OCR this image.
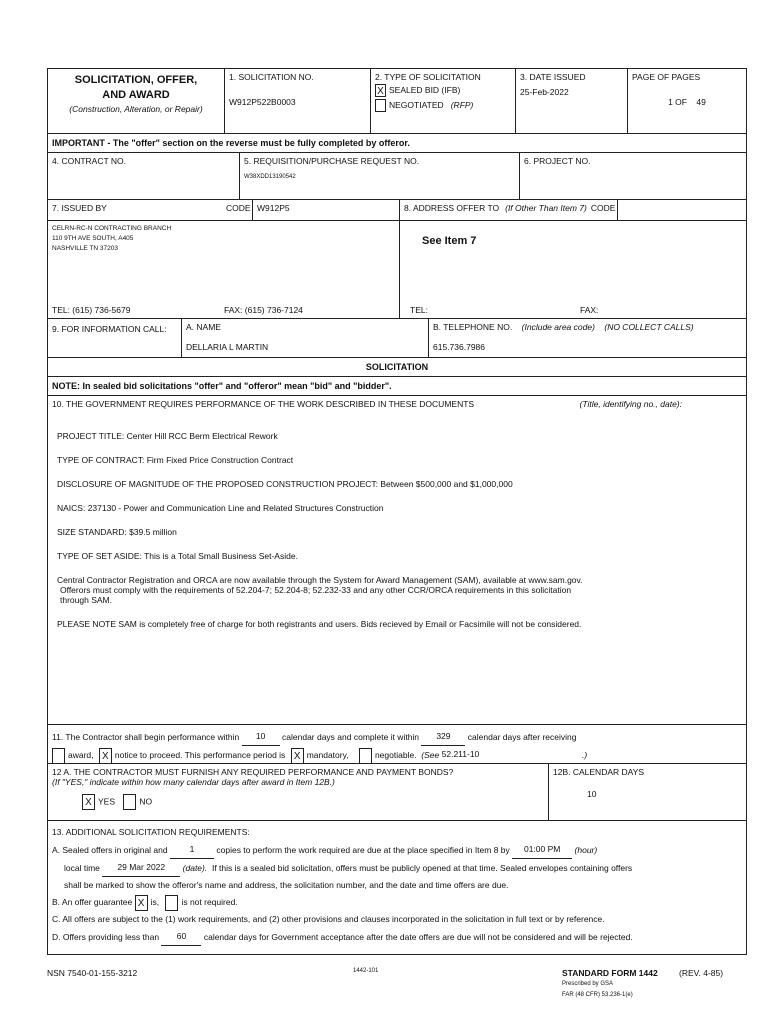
SOLICITATION, OFFER,
AND AWARD
(Construction, Alteration, or Repair)
1. SOLICITATION NO.
W912P522B0003
2. TYPE OF SOLICITATION
X SEALED BID (IFB)
NEGOTIATED (RFP)
3. DATE ISSUED
25-Feb-2022
PAGE OF PAGES
1 OF    49
IMPORTANT - The "offer" section on the reverse must be fully completed by offeror.
4. CONTRACT NO.	5. REQUISITION/PURCHASE REQUEST NO.
W38XDD13190542
6. PROJECT NO.
7. ISSUED BY	CODE W912P5
CELRN-RC-N CONTRACTING BRANCH
110 9TH AVE SOUTH, A405
NASHVILLE TN 37203
TEL: (615) 736-5679	FAX: (615) 736-7124
8. ADDRESS OFFER TO (If Other Than Item 7) CODE
See Item 7
TEL:	FAX:
9. FOR INFORMATION CALL:	A. NAME
DELLARIA L MARTIN
B. TELEPHONE NO. (Include area code) (NO COLLECT CALLS)
615.736.7986
SOLICITATION
NOTE: In sealed bid solicitations "offer" and "offeror" mean "bid" and "bidder".
10. THE GOVERNMENT REQUIRES PERFORMANCE OF THE WORK DESCRIBED IN THESE DOCUMENTS	(Title, identifying no., date):

PROJECT TITLE: Center Hill RCC Berm Electrical Rework

TYPE OF CONTRACT: Firm Fixed Price Construction Contract

DISCLOSURE OF MAGNITUDE OF THE PROPOSED CONSTRUCTION PROJECT: Between $500,000 and $1,000,000

NAICS: 237130 - Power and Communication Line and Related Structures Construction

SIZE STANDARD: $39.5 million

TYPE OF SET ASIDE: This is a Total Small Business Set-Aside.

Central Contractor Registration and ORCA are now available through the System for Award Management (SAM), available at www.sam.gov.

Offerors must comply with the requirements of 52.204-7; 52.204-8; 52.232-33 and any other CCR/ORCA requirements in this solicitation

through SAM.

PLEASE NOTE SAM is completely free of charge for both registrants and users. Bids recieved by Email or Facsimile will not be considered.

11. The Contractor shall begin performance within 10 calendar days and complete it within 329 calendar days after receiving
award, X notice to proceed. This performance period is X mandatory,	negotiable. (See 52.211-10	.)
12 A. THE CONTRACTOR MUST FURNISH ANY REQUIRED PERFORMANCE AND PAYMENT BONDS?
(If "YES," indicate within how many calendar days after award in Item 12B.)
X YES	NO
12B. CALENDAR DAYS
10
13. ADDITIONAL SOLICITATION REQUIREMENTS:
A. Sealed offers in original and	1	copies to perform the work required are due at the place specified in Item 8 by 01:00 PM (hour)
local time 29 Mar 2022 (date). If this is a sealed bid solicitation, offers must be publicly opened at that time. Sealed envelopes containing offers
shall be marked to show the offeror's name and address, the solicitation number, and the date and time offers are due.
B. An offer guarantee X is,	is not required.
C. All offers are subject to the (1) work requirements, and (2) other provisions and clauses incorporated in the solicitation in full text or by reference.
D. Offers providing less than 60 calendar days for Government acceptance after the date offers are due will not be considered and will be rejected.
NSN 7540-01-155-3212	1442-101	STANDARD FORM 1442	(REV. 4-85)
Prescribed by GSA
FAR (48 CFR) 53.236-1(e)
